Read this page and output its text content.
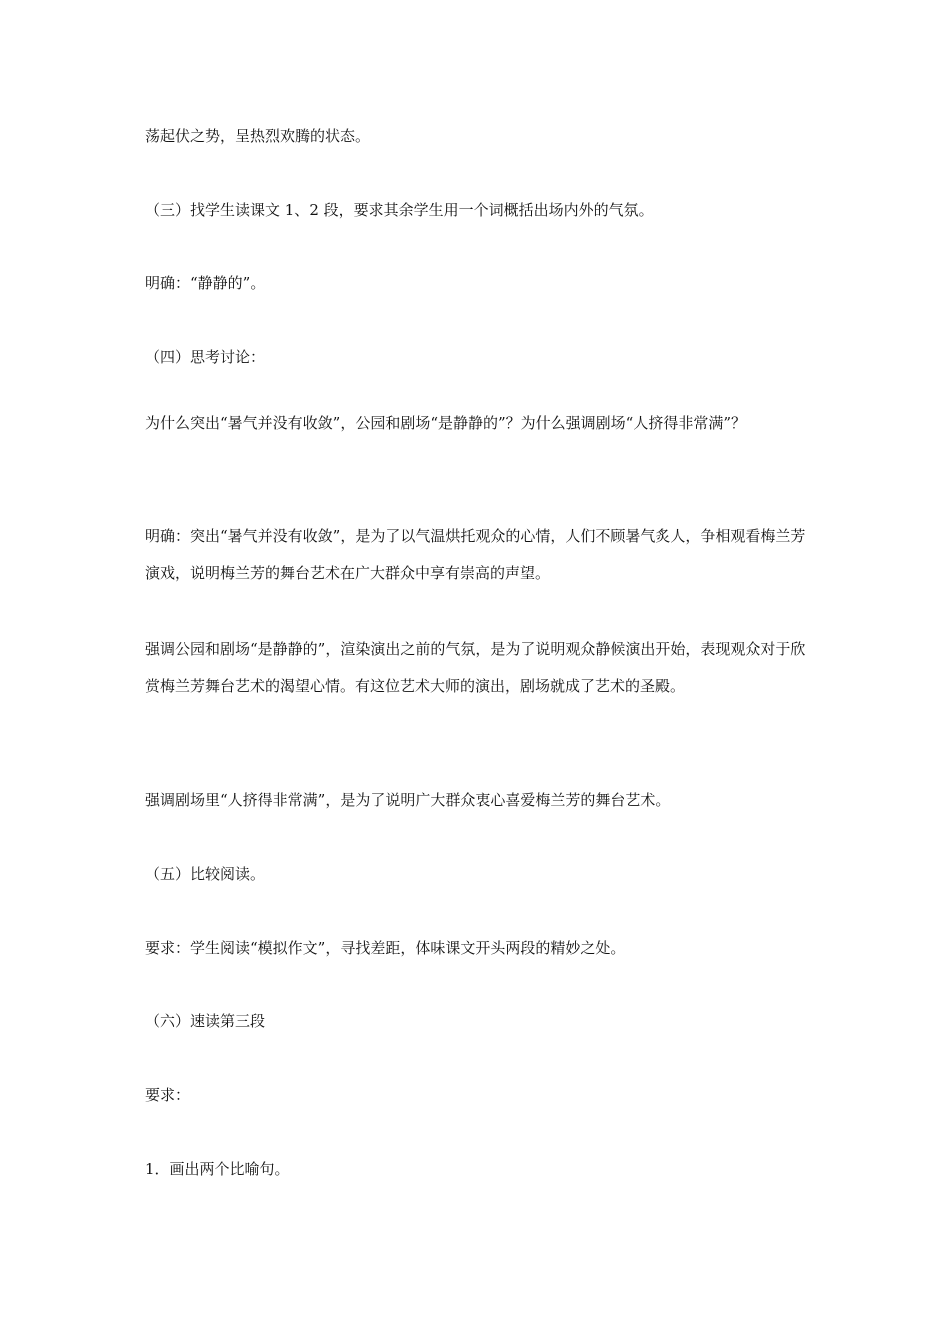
荡起伏之势，呈热烈欢腾的状态。

（三）找学生读课文 1、2 段，要求其余学生用一个词概括出场内外的气氛。

明确：“静静的”。

（四）思考讨论：

为什么突出“暑气并没有收敛”，公园和剧场“是静静的”？为什么强调剧场“人挤得非常满”？

明确：突出“暑气并没有收敛”，是为了以气温烘托观众的心情，人们不顾暑气炙人，争相观看梅兰芳演戏，说明梅兰芳的舞台艺术在广大群众中享有崇高的声望。

强调公园和剧场“是静静的”，渲染演出之前的气氛，是为了说明观众静候演出开始，表现观众对于欣赏梅兰芳舞台艺术的渴望心情。有这位艺术大师的演出，剧场就成了艺术的圣殿。

强调剧场里“人挤得非常满”，是为了说明广大群众衷心喜爱梅兰芳的舞台艺术。

（五）比较阅读。

要求：学生阅读“模拟作文”，寻找差距，体味课文开头两段的精妙之处。

（六）速读第三段

要求：

1．画出两个比喻句。
